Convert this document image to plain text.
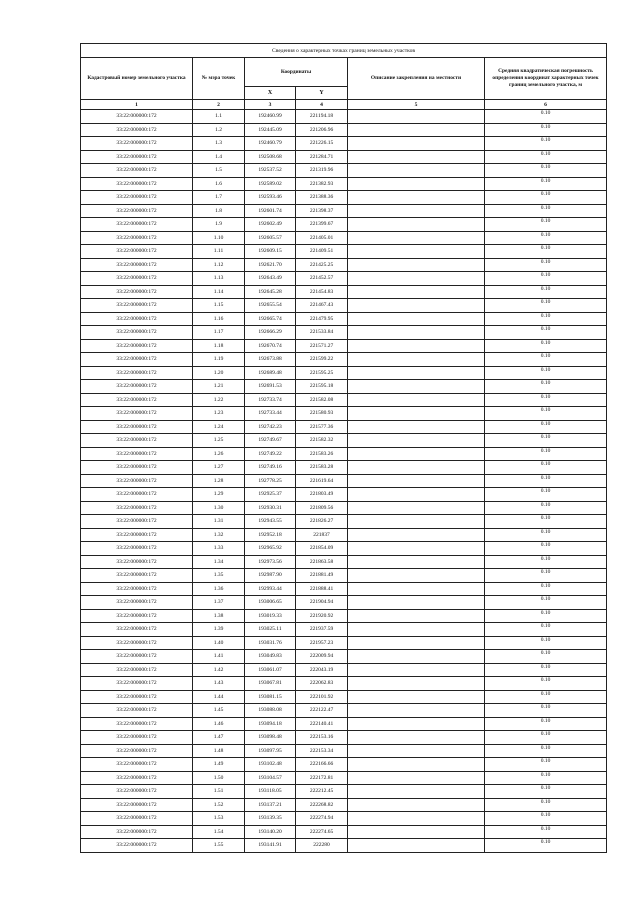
Сведения о характерных точках границ земельных участков					
Кадастровый номер земельного участка	№ мэра точек	Координаты		Описание закрепления на местности	Средняя квадратическая погрешность определения координат характерных точек границ земельного участка, м
		X	Y		
1	2	3	4	5	6
33:22:000000:172	1.1	192460.99	221194.18		0.10
33:22:000000:172	1.2	192445.09	221206.96		0.10
33:22:000000:172	1.3	192460.79	221226.15		0.10
33:22:000000:172	1.4	192508.68	221284.71		0.10
33:22:000000:172	1.5	192537.52	221319.96		0.10
33:22:000000:172	1.6	192589.02	221382.93		0.10
33:22:000000:172	1.7	192593.46	221388.36		0.10
33:22:000000:172	1.8	192601.74	221398.37		0.10
33:22:000000:172	1.9	192602.49	221399.67		0.10
33:22:000000:172	1.10	192605.57	221405.01		0.10
33:22:000000:172	1.11	192609.15	221409.51		0.10
33:22:000000:172	1.12	192621.70	221425.25		0.10
33:22:000000:172	1.13	192643.49	221452.57		0.10
33:22:000000:172	1.14	192645.28	221454.83		0.10
33:22:000000:172	1.15	192655.54	221467.43		0.10
33:22:000000:172	1.16	192665.74	221479.95		0.10
33:22:000000:172	1.17	192666.29	221533.84		0.10
33:22:000000:172	1.18	192670.74	221571.27		0.10
33:22:000000:172	1.19	192673.88	221599.22		0.10
33:22:000000:172	1.20	192689.48	221595.25		0.10
33:22:000000:172	1.21	192691.53	221595.18		0.10
33:22:000000:172	1.22	192733.74	221582.08		0.10
33:22:000000:172	1.23	192733.44	221580.93		0.10
33:22:000000:172	1.24	192742.23	221577.36		0.10
33:22:000000:172	1.25	192749.67	221582.32		0.10
33:22:000000:172	1.26	192749.22	221583.26		0.10
33:22:000000:172	1.27	192749.16	221583.28		0.10
33:22:000000:172	1.28	192778.25	221619.64		0.10
33:22:000000:172	1.29	192925.37	221803.49		0.10
33:22:000000:172	1.30	192930.31	221809.56		0.10
33:22:000000:172	1.31	192943.55	221826.27		0.10
33:22:000000:172	1.32	192952.18	221837		0.10
33:22:000000:172	1.33	192965.92	221854.09		0.10
33:22:000000:172	1.34	192973.56	221863.58		0.10
33:22:000000:172	1.35	192987.90	221881.49		0.10
33:22:000000:172	1.36	192993.44	221888.41		0.10
33:22:000000:172	1.37	193006.65	221904.94		0.10
33:22:000000:172	1.38	193019.33	221920.92		0.10
33:22:000000:172	1.39	193025.11	221937.59		0.10
33:22:000000:172	1.40	193031.76	221957.23		0.10
33:22:000000:172	1.41	193049.83	222009.94		0.10
33:22:000000:172	1.42	193061.07	222043.19		0.10
33:22:000000:172	1.43	193067.81	222062.83		0.10
33:22:000000:172	1.44	193081.15	222101.92		0.10
33:22:000000:172	1.45	193088.08	222122.47		0.10
33:22:000000:172	1.46	193094.18	222140.41		0.10
33:22:000000:172	1.47	193098.48	222153.16		0.10
33:22:000000:172	1.48	193097.95	222153.34		0.10
33:22:000000:172	1.49	193102.48	222166.66		0.10
33:22:000000:172	1.50	193104.57	222172.81		0.10
33:22:000000:172	1.51	193118.05	222212.45		0.10
33:22:000000:172	1.52	193137.21	222268.82		0.10
33:22:000000:172	1.53	193139.35	222274.94		0.10
33:22:000000:172	1.54	193140.20	222274.65		0.10
33:22:000000:172	1.55	193141.91	222280		0.10
